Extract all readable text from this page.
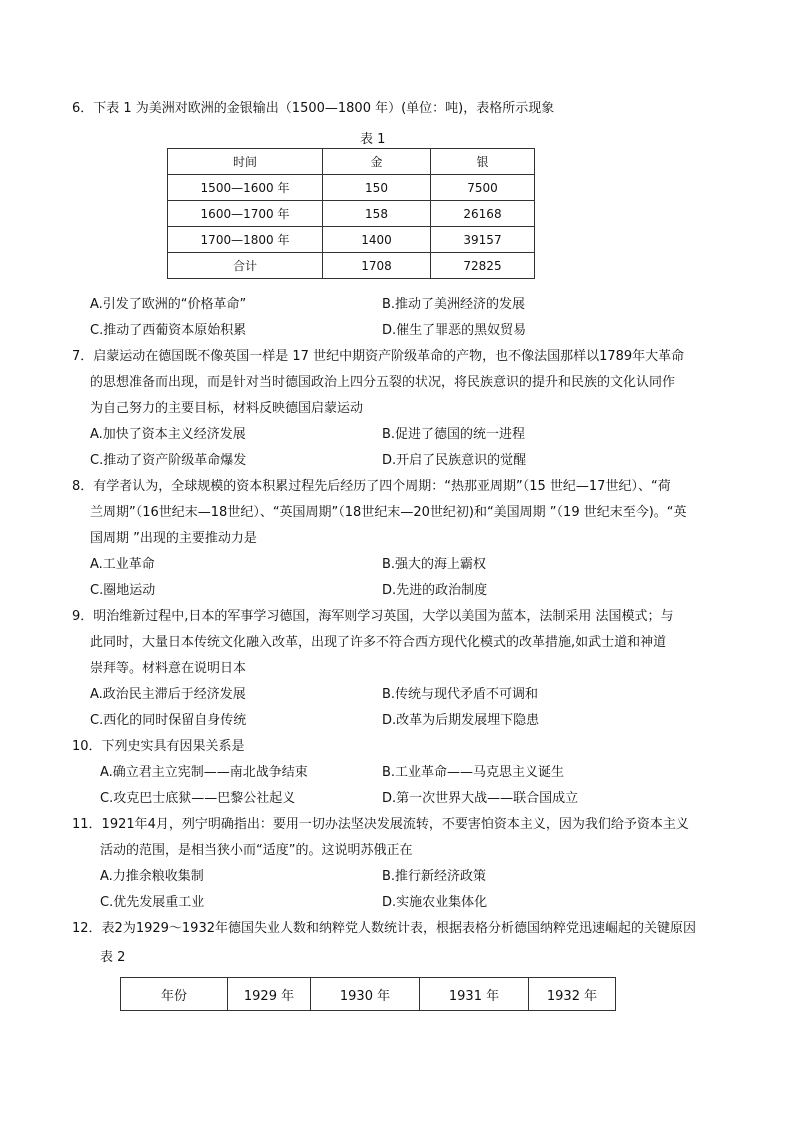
6．下表 1 为美洲对欧洲的金银输出（1500—1800 年）(单位：吨)，表格所示现象
表 1
时间	金	银
1500—1600 年	150	7500
1600—1700 年	158	26168
1700—1800 年	1400	39157
合计	1708	72825
A.引发了欧洲的“价格革命”	B.推动了美洲经济的发展
C.推动了西葡资本原始积累	D.催生了罪恶的黑奴贸易
7．启蒙运动在德国既不像英国一样是 17 世纪中期资产阶级革命的产物，也不像法国那样以1789年大革命
的思想准备而出现，而是针对当时德国政治上四分五裂的状况，将民族意识的提升和民族的文化认同作
为自己努力的主要目标，材料反映德国启蒙运动
A.加快了资本主义经济发展	B.促进了德国的统一进程
C.推动了资产阶级革命爆发	D.开启了民族意识的觉醒
8．有学者认为，全球规模的资本积累过程先后经历了四个周期：“热那亚周期”（15 世纪—17世纪）、“荷
兰周期”（16世纪末—18世纪）、“英国周期”（18世纪末—20世纪初)和“美国周期 ”（19 世纪末至今)。“英
国周期 ”出现的主要推动力是
A.工业革命	B.强大的海上霸权
C.圈地运动	D.先进的政治制度
9．明治维新过程中,日本的军事学习德国，海军则学习英国，大学以美国为蓝本，法制采用 法国模式；与
此同时，大量日本传统文化融入改革，出现了许多不符合西方现代化模式的改革措施,如武士道和神道
崇拜等。材料意在说明日本
A.政治民主滞后于经济发展	B.传统与现代矛盾不可调和
C.西化的同时保留自身传统	D.改革为后期发展埋下隐患
10．下列史实具有因果关系是
A.确立君主立宪制——南北战争结束	B.工业革命——马克思主义诞生
C.攻克巴士底狱——巴黎公社起义	D.第一次世界大战——联合国成立
11．1921年4月，列宁明确指出：要用一切办法坚决发展流转，不要害怕资本主义，因为我们给予资本主义
活动的范围，是相当狭小而“适度”的。这说明苏俄正在
A.力推余粮收集制	B.推行新经济政策
C.优先发展重工业	D.实施农业集体化
12．表2为1929～1932年德国失业人数和纳粹党人数统计表，根据表格分析德国纳粹党迅速崛起的关键原因
表 2
年份	1929 年	1930 年	1931 年	1932 年
